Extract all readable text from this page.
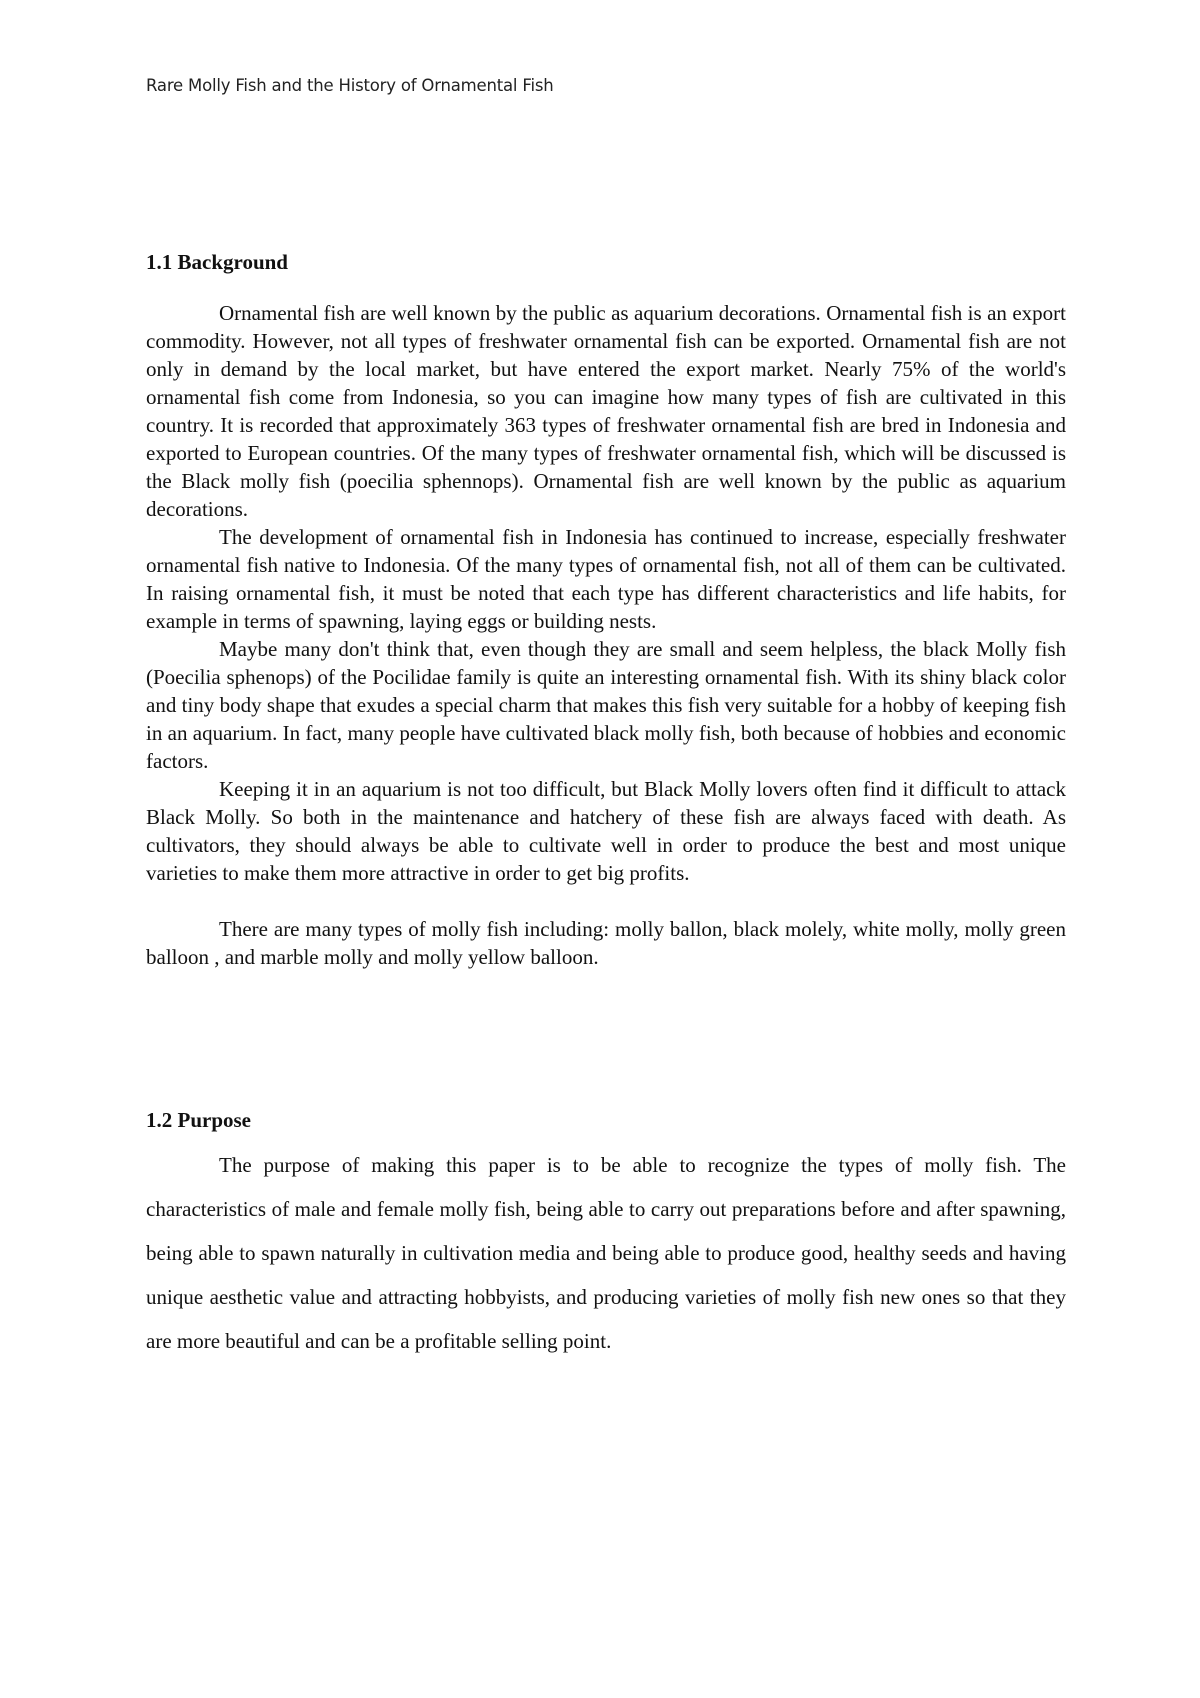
Rare Molly Fish and the History of Ornamental Fish
1.1 Background

Ornamental fish are well known by the public as aquarium decorations. Ornamental fish is an export commodity. However, not all types of freshwater ornamental fish can be exported. Ornamental fish are not only in demand by the local market, but have entered the export market. Nearly 75% of the world's ornamental fish come from Indonesia, so you can imagine how many types of fish are cultivated in this country. It is recorded that approximately 363 types of freshwater ornamental fish are bred in Indonesia and exported to European countries. Of the many types of freshwater ornamental fish, which will be discussed is the Black molly fish (poecilia sphennops). Ornamental fish are well known by the public as aquarium decorations.

The development of ornamental fish in Indonesia has continued to increase, especially freshwater ornamental fish native to Indonesia. Of the many types of ornamental fish, not all of them can be cultivated. In raising ornamental fish, it must be noted that each type has different characteristics and life habits, for example in terms of spawning, laying eggs or building nests.

Maybe many don't think that, even though they are small and seem helpless, the black Molly fish (Poecilia sphenops) of the Pocilidae family is quite an interesting ornamental fish. With its shiny black color and tiny body shape that exudes a special charm that makes this fish very suitable for a hobby of keeping fish in an aquarium. In fact, many people have cultivated black molly fish, both because of hobbies and economic factors.

Keeping it in an aquarium is not too difficult, but Black Molly lovers often find it difficult to attack Black Molly. So both in the maintenance and hatchery of these fish are always faced with death. As cultivators, they should always be able to cultivate well in order to produce the best and most unique varieties to make them more attractive in order to get big profits.

There are many types of molly fish including: molly ballon, black molely, white molly, molly green balloon , and marble molly and molly yellow balloon.

1.2 Purpose

The purpose of making this paper is to be able to recognize the types of molly fish. The characteristics of male and female molly fish, being able to carry out preparations before and after spawning, being able to spawn naturally in cultivation media and being able to produce good, healthy seeds and having unique aesthetic value and attracting hobbyists, and producing varieties of molly fish new ones so that they are more beautiful and can be a profitable selling point.
